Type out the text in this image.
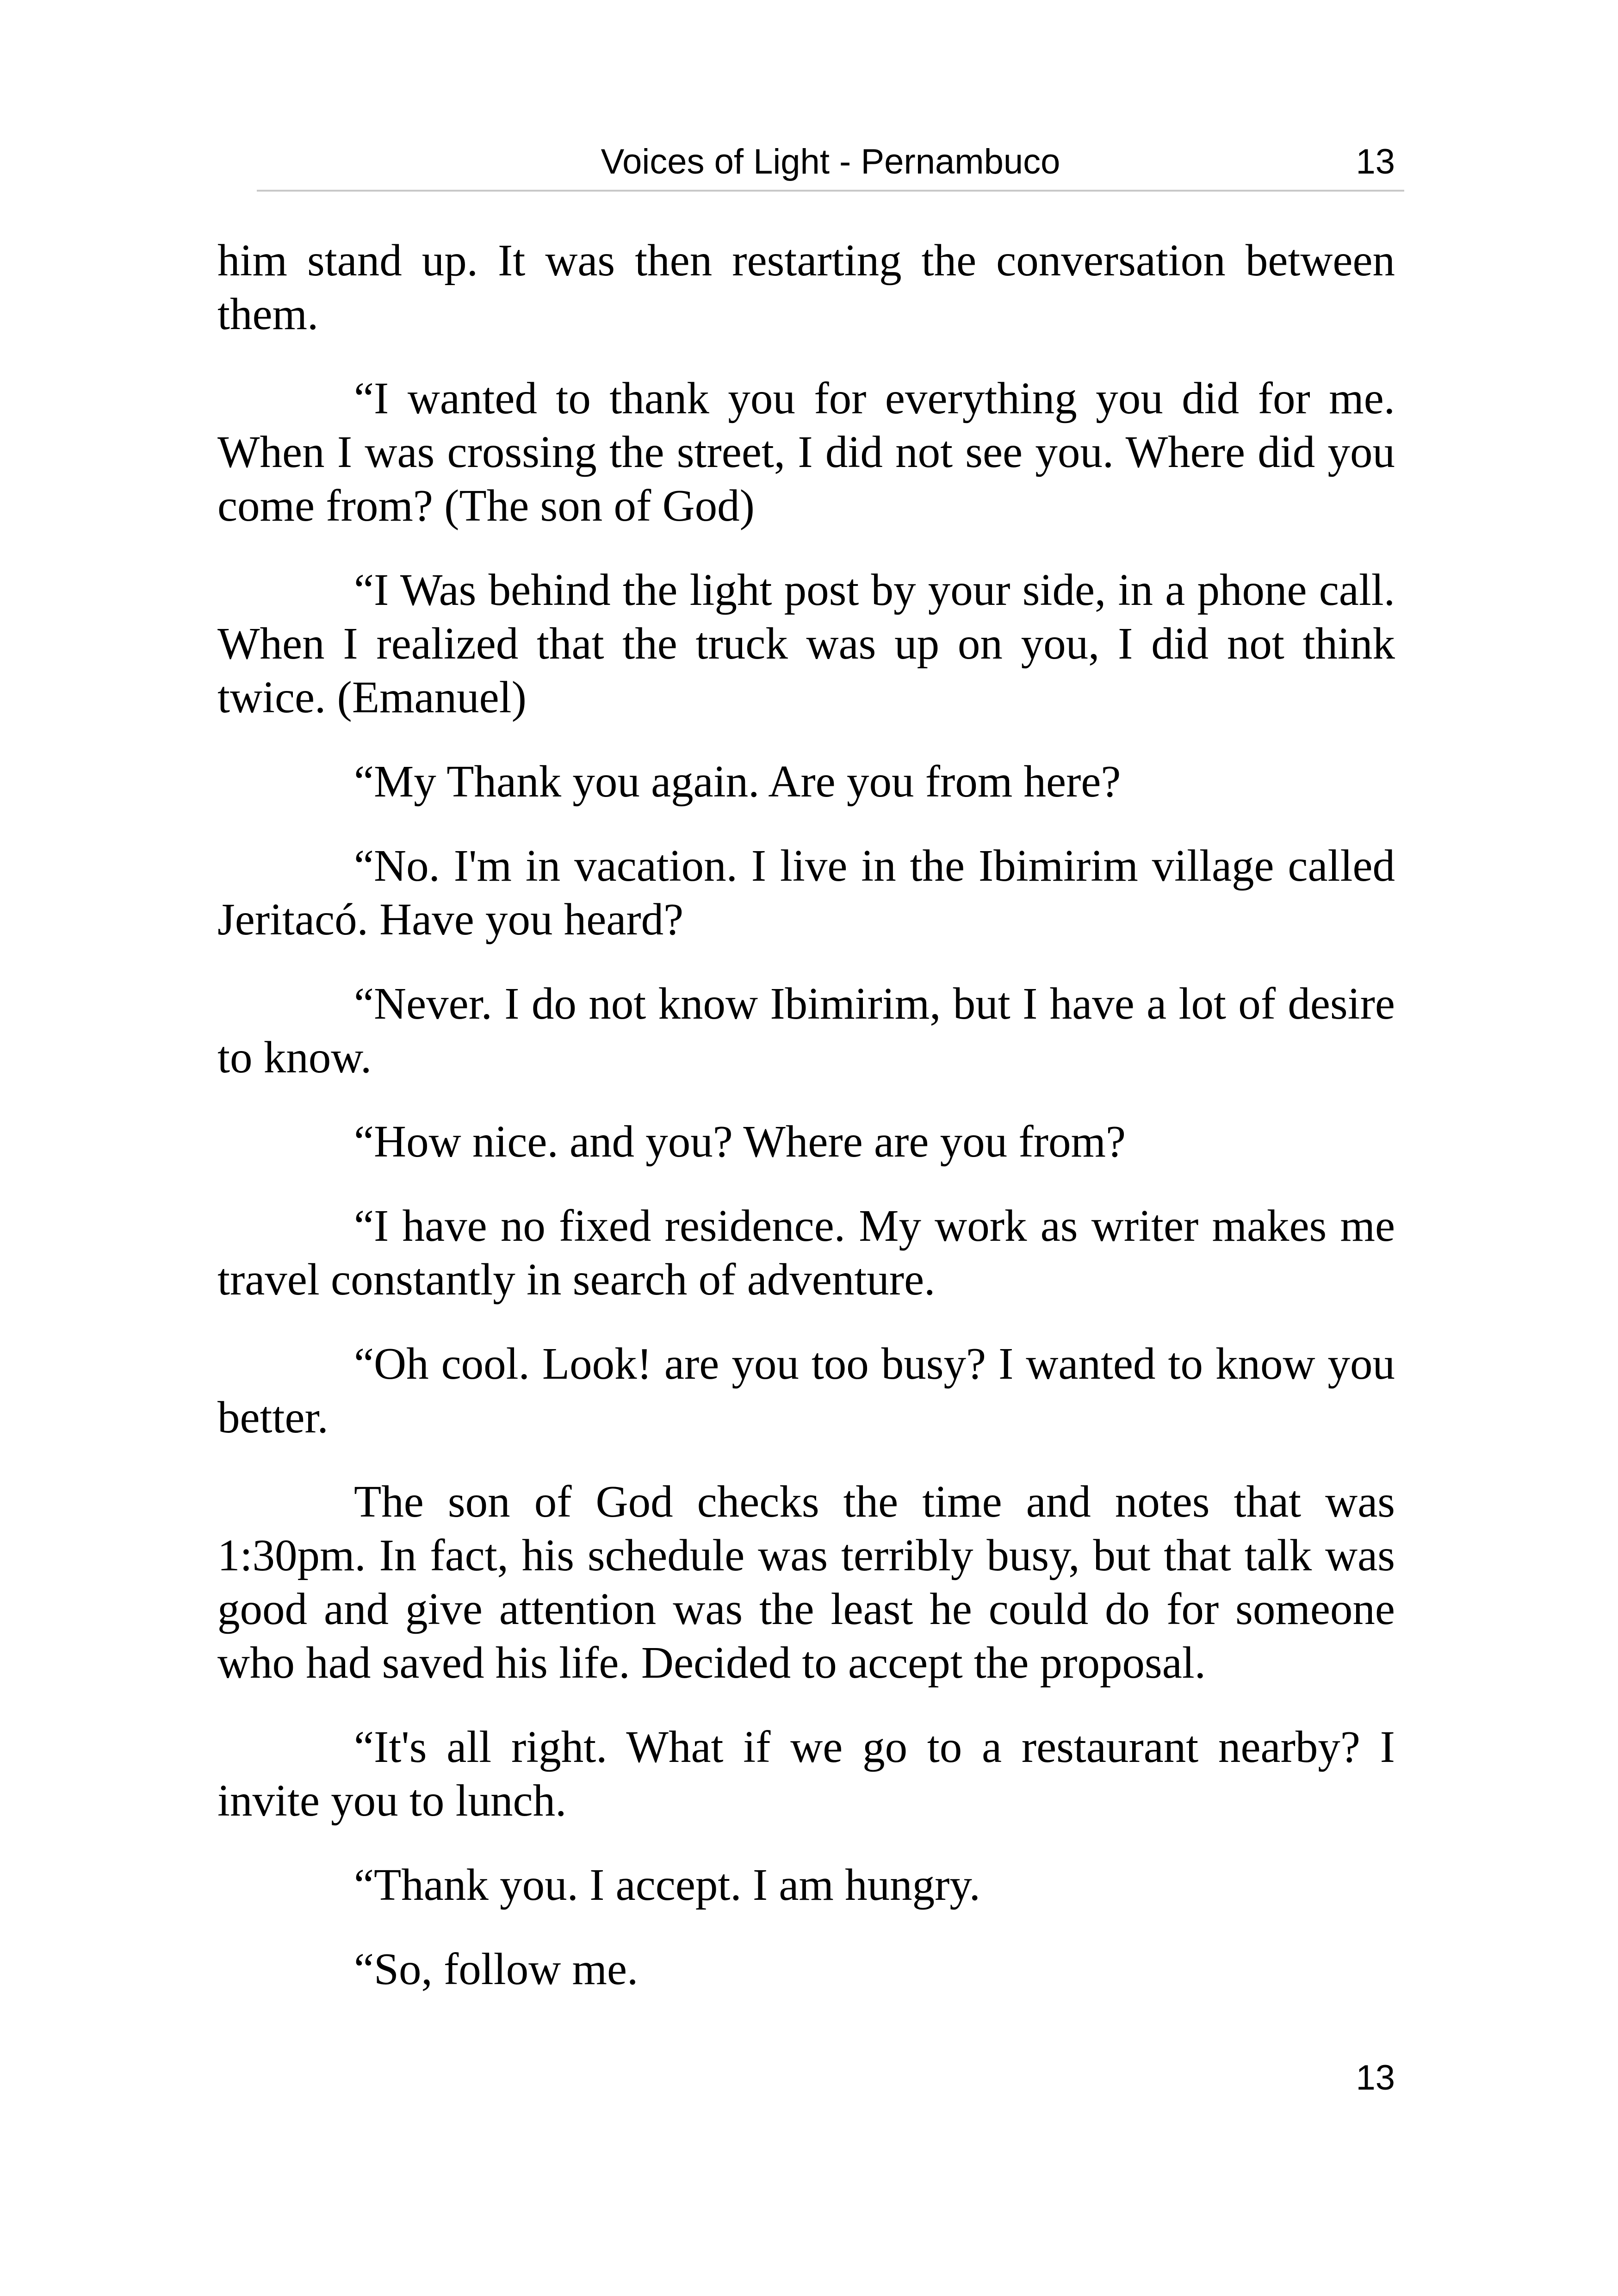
Voices of Light - Pernambuco	13

him stand up. It was then restarting the conversation between them.

“I wanted to thank you for everything you did for me. When I was crossing the street, I did not see you. Where did you come from? (The son of God)

“I Was behind the light post by your side, in a phone call. When I realized that the truck was up on you, I did not think twice. (Emanuel)

“My Thank you again. Are you from here?

“No. I'm in vacation. I live in the Ibimirim village called Jeritacó. Have you heard?

“Never. I do not know Ibimirim, but I have a lot of desire to know.

“How nice. and you? Where are you from?

“I have no fixed residence. My work as writer makes me travel constantly in search of adventure.

“Oh cool. Look! are you too busy? I wanted to know you better.

The son of God checks the time and notes that was 1:30pm. In fact, his schedule was terribly busy, but that talk was good and give attention was the least he could do for someone who had saved his life. Decided to accept the proposal.

“It's all right. What if we go to a restaurant nearby? I invite you to lunch.

“Thank you. I accept. I am hungry.

“So, follow me.

13
